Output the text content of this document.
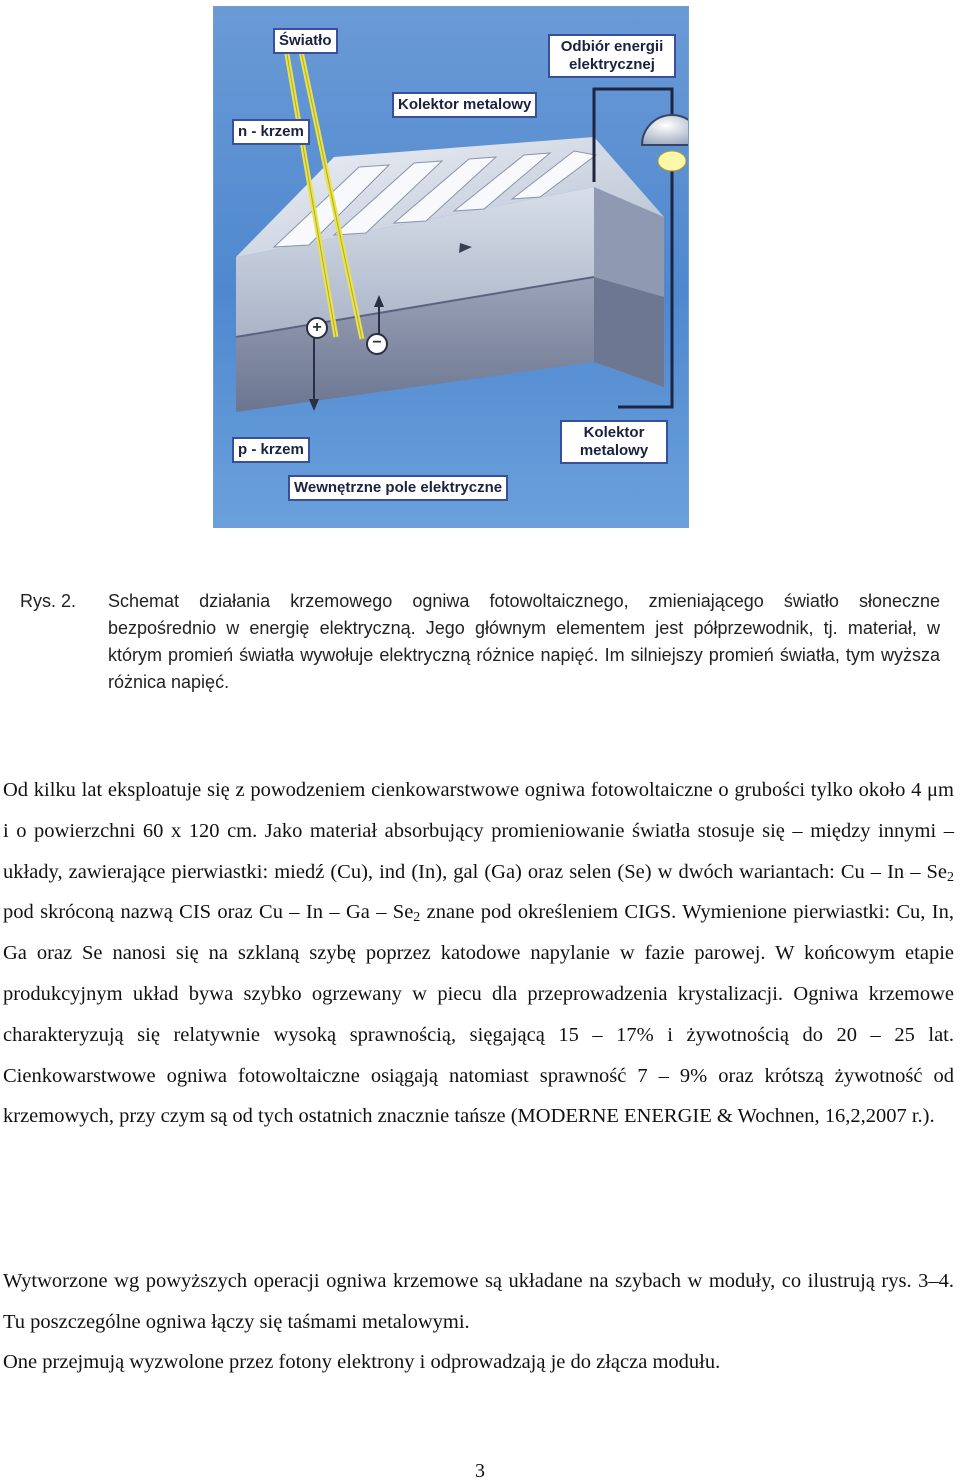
+
−
Światło	Odbiór energii elektrycznej
Kolektor metalowy
n - krzem
p - krzem
Kolektor metalowy
Wewnętrzne pole elektryczne
Rys. 2. Schemat działania krzemowego ogniwa fotowoltaicznego, zmieniającego światło słoneczne bezpośrednio w energię elektryczną. Jego głównym elementem jest półprzewodnik, tj. materiał, w którym promień światła wywołuje elektryczną różnice napięć. Im silniejszy promień światła, tym wyższa różnica napięć.
Od kilku lat eksploatuje się z powodzeniem cienkowarstwowe ogniwa fotowoltaiczne o grubości tylko około 4 μm i o powierzchni 60 x 120 cm. Jako materiał absorbujący promieniowanie światła stosuje się – między innymi – układy, zawierające pierwiastki: miedź (Cu), ind (In), gal (Ga) oraz selen (Se) w dwóch wariantach: Cu – In – $Se_2$ pod skróconą nazwą CIS oraz Cu – In – Ga – $Se_2$ znane pod określeniem CIGS. Wymienione pierwiastki: Cu, In, Ga oraz Se nanosi się na szklaną szybę poprzez katodowe napylanie w fazie parowej. W końcowym etapie produkcyjnym układ bywa szybko ogrzewany w piecu dla przeprowadzenia krystalizacji. Ogniwa krzemowe charakteryzują się relatywnie wysoką sprawnością, sięgającą 15 – 17% i żywotnością do 20 – 25 lat. Cienkowarstwowe ogniwa fotowoltaiczne osiągają natomiast sprawność 7 – 9% oraz krótszą żywotność od krzemowych, przy czym są od tych ostatnich znacznie tańsze (MODERNE ENERGIE & Wochnen, 16,2,2007 r.).
Wytworzone wg powyższych operacji ogniwa krzemowe są układane na szybach w moduły, co ilustrują rys. 3–4. Tu poszczególne ogniwa łączy się taśmami metalowymi.
One przejmują wyzwolone przez fotony elektrony i odprowadzają je do złącza modułu.
3
